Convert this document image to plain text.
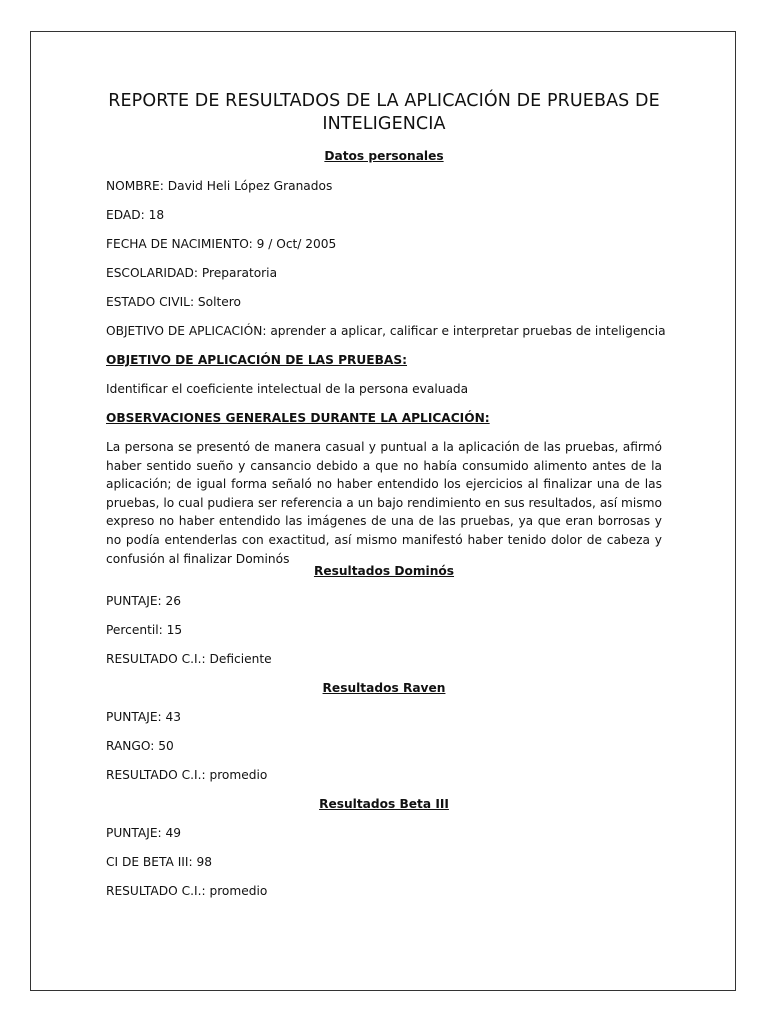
REPORTE DE RESULTADOS DE LA APLICACIÓN DE PRUEBAS DE INTELIGENCIA
Datos personales
NOMBRE: David Heli López Granados
EDAD: 18
FECHA DE NACIMIENTO: 9 / Oct/ 2005
ESCOLARIDAD: Preparatoria
ESTADO CIVIL: Soltero
OBJETIVO DE APLICACIÓN: aprender a aplicar, calificar e interpretar pruebas de inteligencia
OBJETIVO DE APLICACIÓN DE LAS PRUEBAS:
Identificar el coeficiente intelectual de la persona evaluada
OBSERVACIONES GENERALES DURANTE LA APLICACIÓN:
La persona se presentó de manera casual y puntual a la aplicación de las pruebas, afirmó haber sentido sueño y cansancio debido a que no había consumido alimento antes de la aplicación; de igual forma señaló no haber entendido los ejercicios al finalizar una de las pruebas, lo cual pudiera ser referencia a un bajo rendimiento en sus resultados, así mismo expreso no haber entendido las imágenes de una de las pruebas, ya que eran borrosas y no podía entenderlas con exactitud, así mismo manifestó haber tenido dolor de cabeza y confusión al finalizar Dominós
Resultados Dominós
PUNTAJE: 26
Percentil: 15
RESULTADO C.I.: Deficiente
Resultados Raven
PUNTAJE: 43
RANGO: 50
RESULTADO C.I.: promedio
Resultados Beta III
PUNTAJE: 49
CI DE BETA III: 98
RESULTADO C.I.: promedio
